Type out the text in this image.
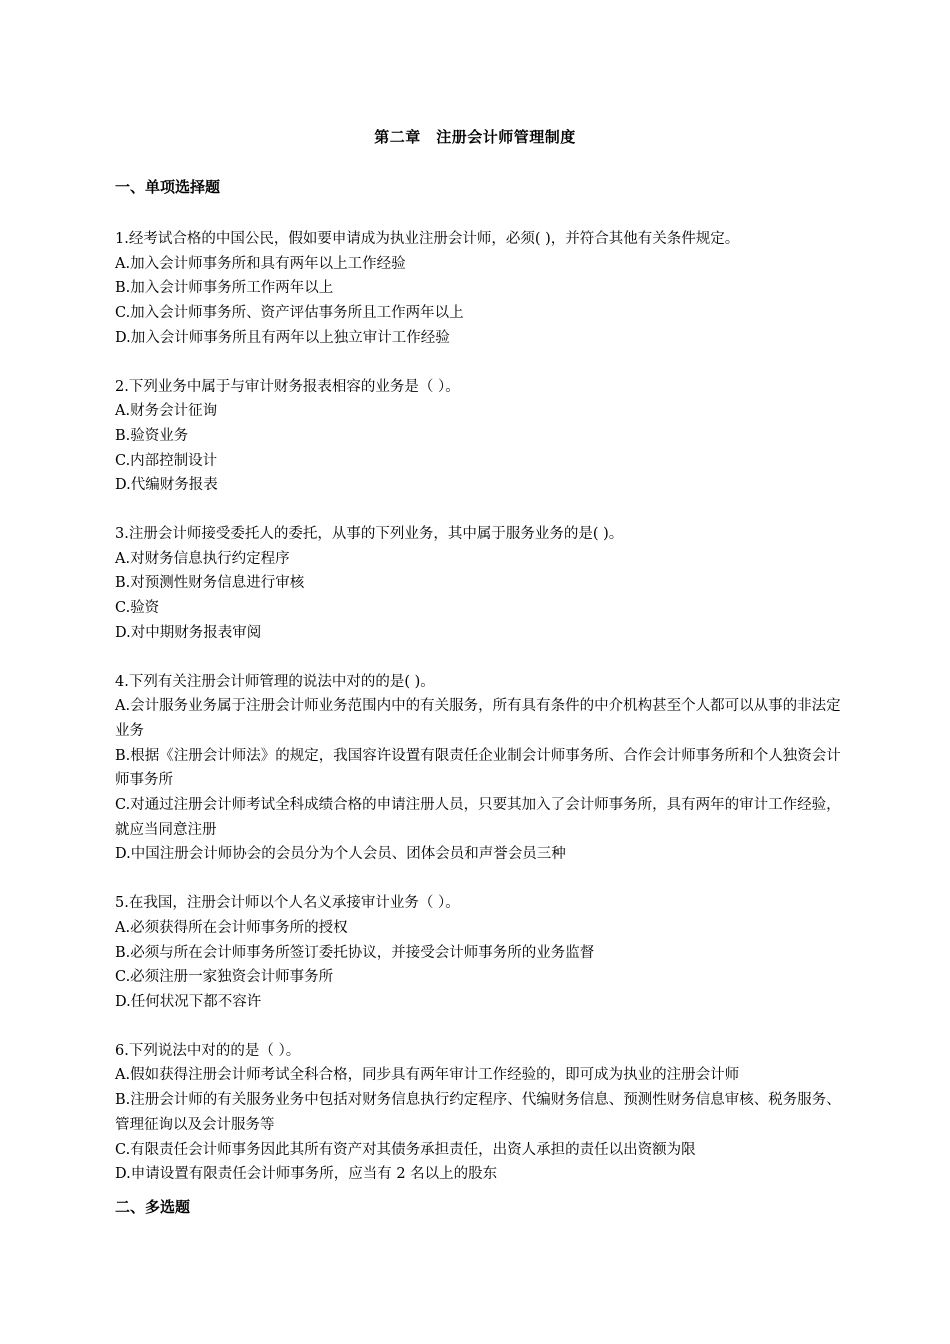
第二章　注册会计师管理制度
一、单项选择题
1.经考试合格的中国公民，假如要申请成为执业注册会计师，必须( )，并符合其他有关条件规定。
A.加入会计师事务所和具有两年以上工作经验
B.加入会计师事务所工作两年以上
C.加入会计师事务所、资产评估事务所且工作两年以上
D.加入会计师事务所且有两年以上独立审计工作经验
2.下列业务中属于与审计财务报表相容的业务是（ ）。
A.财务会计征询
B.验资业务
C.内部控制设计
D.代编财务报表
3.注册会计师接受委托人的委托，从事的下列业务，其中属于服务业务的是( )。
A.对财务信息执行约定程序
B.对预测性财务信息进行审核
C.验资
D.对中期财务报表审阅
4.下列有关注册会计师管理的说法中对的的是( )。
A.会计服务业务属于注册会计师业务范围内中的有关服务，所有具有条件的中介机构甚至个人都可以从事的非法定业务
B.根据《注册会计师法》的规定，我国容许设置有限责任企业制会计师事务所、合作会计师事务所和个人独资会计师事务所
C.对通过注册会计师考试全科成绩合格的申请注册人员，只要其加入了会计师事务所，具有两年的审计工作经验，就应当同意注册
D.中国注册会计师协会的会员分为个人会员、团体会员和声誉会员三种
5.在我国，注册会计师以个人名义承接审计业务（ ）。
A.必须获得所在会计师事务所的授权
B.必须与所在会计师事务所签订委托协议，并接受会计师事务所的业务监督
C.必须注册一家独资会计师事务所
D.任何状况下都不容许
6.下列说法中对的的是（ ）。
A.假如获得注册会计师考试全科合格，同步具有两年审计工作经验的，即可成为执业的注册会计师
B.注册会计师的有关服务业务中包括对财务信息执行约定程序、代编财务信息、预测性财务信息审核、税务服务、管理征询以及会计服务等
C.有限责任会计师事务因此其所有资产对其债务承担责任，出资人承担的责任以出资额为限
D.申请设置有限责任会计师事务所，应当有 2 名以上的股东
二、多选题
